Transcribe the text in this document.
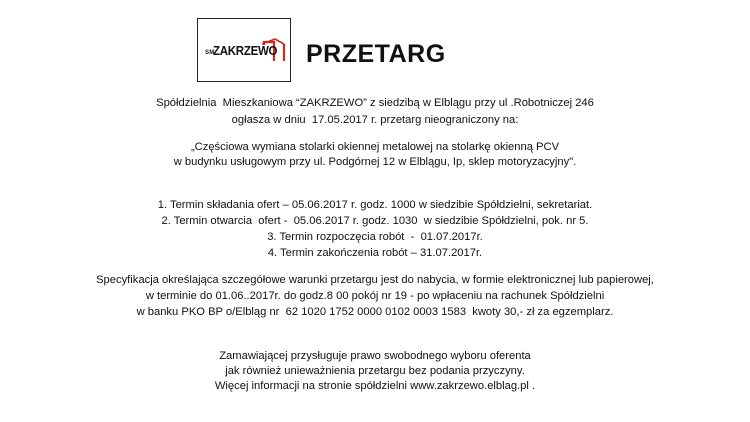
SM
ZAKRZEWO PRZETARG
Spółdzielnia  Mieszkaniowa “ZAKRZEWO” z siedzibą w Elblągu przy ul .Robotniczej 246
ogłasza w dniu  17.05.2017 r. przetarg nieograniczony na:
„Częściowa wymiana stolarki okiennej metalowej na stolarkę okienną PCV
w budynku usługowym przy ul. Podgórnej 12 w Elblągu, Ip, sklep motoryzacyjny".
1. Termin składania ofert – 05.06.2017 r. godz. 1000 w siedzibie Spółdzielni, sekretariat.
2. Termin otwarcia  ofert -  05.06.2017 r. godz. 1030  w siedzibie Spółdzielni, pok. nr 5.
3. Termin rozpoczęcia robót  -  01.07.2017r.
4. Termin zakończenia robót – 31.07.2017r.
Specyfikacja określająca szczegółowe warunki przetargu jest do nabycia, w formie elektronicznej lub papierowej,
w terminie do 01.06..2017r. do godz.8 00 pokój nr 19 - po wpłaceniu na rachunek Spółdzielni
w banku PKO BP o/Elbląg nr  62 1020 1752 0000 0102 0003 1583  kwoty 30,- zł za egzemplarz.
Zamawiającej przysługuje prawo swobodnego wyboru oferenta
jak również unieważnienia przetargu bez podania przyczyny.
Więcej informacji na stronie spółdzielni www.zakrzewo.elblag.pl .
